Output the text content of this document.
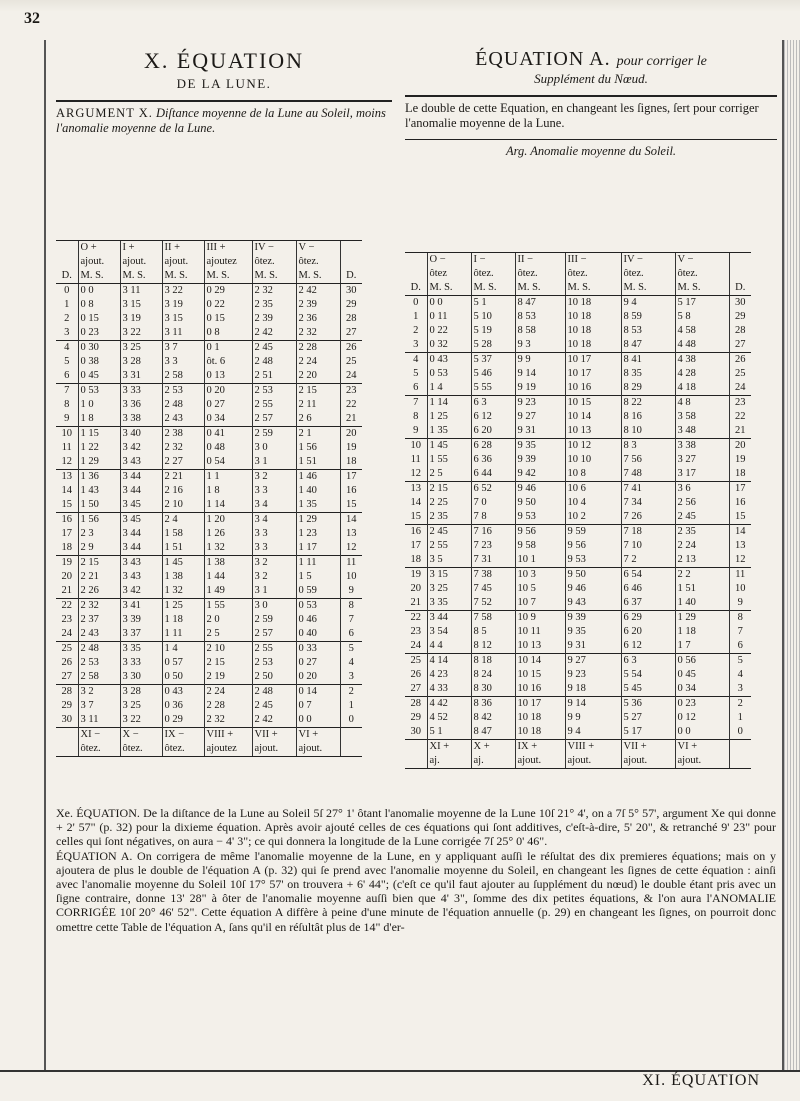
32

X. ÉQUATION

DE LA LUNE.

ARGUMENT X. Diſtance moyenne de la Lune au Soleil, moins l'anomalie moyenne de la Lune.

ÉQUATION A. pour corriger le

Supplément du Nœud.

Le double de cette Equation, en changeant les ſignes, ſert pour corriger l'anomalie moyenne de la Lune.

Arg. Anomalie moyenne du Soleil.

	O +	I +	II +	III +	IV −	V −	
	ajout.	ajout.	ajout.	ajoutez	ôtez.	ôtez.	
D.	M. S.	M. S.	M. S.	M. S.	M. S.	M. S.	D.
0	0 0	3 11	3 22	0 29	2 32	2 42	30
1	0 8	3 15	3 19	0 22	2 35	2 39	29
2	0 15	3 19	3 15	0 15	2 39	2 36	28
3	0 23	3 22	3 11	0 8	2 42	2 32	27
4	0 30	3 25	3 7	0 1	2 45	2 28	26
5	0 38	3 28	3 3	ôt. 6	2 48	2 24	25
6	0 45	3 31	2 58	0 13	2 51	2 20	24
7	0 53	3 33	2 53	0 20	2 53	2 15	23
8	1 0	3 36	2 48	0 27	2 55	2 11	22
9	1 8	3 38	2 43	0 34	2 57	2 6	21
10	1 15	3 40	2 38	0 41	2 59	2 1	20
11	1 22	3 42	2 32	0 48	3 0	1 56	19
12	1 29	3 43	2 27	0 54	3 1	1 51	18
13	1 36	3 44	2 21	1 1	3 2	1 46	17
14	1 43	3 44	2 16	1 8	3 3	1 40	16
15	1 50	3 45	2 10	1 14	3 4	1 35	15
16	1 56	3 45	2 4	1 20	3 4	1 29	14
17	2 3	3 44	1 58	1 26	3 3	1 23	13
18	2 9	3 44	1 51	1 32	3 3	1 17	12
19	2 15	3 43	1 45	1 38	3 2	1 11	11
20	2 21	3 43	1 38	1 44	3 2	1 5	10
21	2 26	3 42	1 32	1 49	3 1	0 59	9
22	2 32	3 41	1 25	1 55	3 0	0 53	8
23	2 37	3 39	1 18	2 0	2 59	0 46	7
24	2 43	3 37	1 11	2 5	2 57	0 40	6
25	2 48	3 35	1 4	2 10	2 55	0 33	5
26	2 53	3 33	0 57	2 15	2 53	0 27	4
27	2 58	3 30	0 50	2 19	2 50	0 20	3
28	3 2	3 28	0 43	2 24	2 48	0 14	2
29	3 7	3 25	0 36	2 28	2 45	0 7	1
30	3 11	3 22	0 29	2 32	2 42	0 0	0
	XI −	X −	IX −	VIII +	VII +	VI +	
	ôtez.	ôtez.	ôtez.	ajoutez	ajout.	ajout.	
	O −	I −	II −	III −	IV −	V −	
	ôtez	ôtez.	ôtez.	ôtez.	ôtez.	ôtez.	
D.	M. S.	M. S.	M. S.	M. S.	M. S.	M. S.	D.
0	0 0	5 1	8 47	10 18	9 4	5 17	30
1	0 11	5 10	8 53	10 18	8 59	5 8	29
2	0 22	5 19	8 58	10 18	8 53	4 58	28
3	0 32	5 28	9 3	10 18	8 47	4 48	27
4	0 43	5 37	9 9	10 17	8 41	4 38	26
5	0 53	5 46	9 14	10 17	8 35	4 28	25
6	1 4	5 55	9 19	10 16	8 29	4 18	24
7	1 14	6 3	9 23	10 15	8 22	4 8	23
8	1 25	6 12	9 27	10 14	8 16	3 58	22
9	1 35	6 20	9 31	10 13	8 10	3 48	21
10	1 45	6 28	9 35	10 12	8 3	3 38	20
11	1 55	6 36	9 39	10 10	7 56	3 27	19
12	2 5	6 44	9 42	10 8	7 48	3 17	18
13	2 15	6 52	9 46	10 6	7 41	3 6	17
14	2 25	7 0	9 50	10 4	7 34	2 56	16
15	2 35	7 8	9 53	10 2	7 26	2 45	15
16	2 45	7 16	9 56	9 59	7 18	2 35	14
17	2 55	7 23	9 58	9 56	7 10	2 24	13
18	3 5	7 31	10 1	9 53	7 2	2 13	12
19	3 15	7 38	10 3	9 50	6 54	2 2	11
20	3 25	7 45	10 5	9 46	6 46	1 51	10
21	3 35	7 52	10 7	9 43	6 37	1 40	9
22	3 44	7 58	10 9	9 39	6 29	1 29	8
23	3 54	8 5	10 11	9 35	6 20	1 18	7
24	4 4	8 12	10 13	9 31	6 12	1 7	6
25	4 14	8 18	10 14	9 27	6 3	0 56	5
26	4 23	8 24	10 15	9 23	5 54	0 45	4
27	4 33	8 30	10 16	9 18	5 45	0 34	3
28	4 42	8 36	10 17	9 14	5 36	0 23	2
29	4 52	8 42	10 18	9 9	5 27	0 12	1
30	5 1	8 47	10 18	9 4	5 17	0 0	0
	XI +	X +	IX +	VIII +	VII +	VI +	
	aj.	aj.	ajout.	ajout.	ajout.	ajout.	

Xe. ÉQUATION. De la diſtance de la Lune au Soleil 5ſ 27° 1' ôtant l'anomalie moyenne de la Lune 10ſ 21° 4', on a 7ſ 5° 57', argument Xe qui donne + 2' 57" (p. 32) pour la dixieme équation. Après avoir ajouté celles de ces équations qui ſont additives, c'eſt-à-dire, 5' 20", & retranché 9' 23" pour celles qui ſont négatives, on aura − 4' 3"; ce qui donnera la longitude de la Lune corrigée 7ſ 25° 0' 46".

ÉQUATION A. On corrigera de même l'anomalie moyenne de la Lune, en y appliquant auſſi le réſultat des dix premieres équations; mais on y ajoutera de plus le double de l'équation A (p. 32) qui ſe prend avec l'anomalie moyenne du Soleil, en changeant les ſignes de cette équation : ainſi avec l'anomalie moyenne du Soleil 10ſ 17° 57' on trouvera + 6' 44"; (c'eſt ce qu'il faut ajouter au ſupplément du nœud) le double étant pris avec un ſigne contraire, donne 13' 28" à ôter de l'anomalie moyenne auſſi bien que 4' 3", ſomme des dix petites équations, & l'on aura l'ANOMALIE CORRIGÉE 10ſ 20° 46' 52". Cette équation A diffère à peine d'une minute de l'équation annuelle (p. 29) en changeant les ſignes, on pourroit donc omettre cette Table de l'équation A, ſans qu'il en réſultât plus de 14" d'er-

XI. ÉQUATION
